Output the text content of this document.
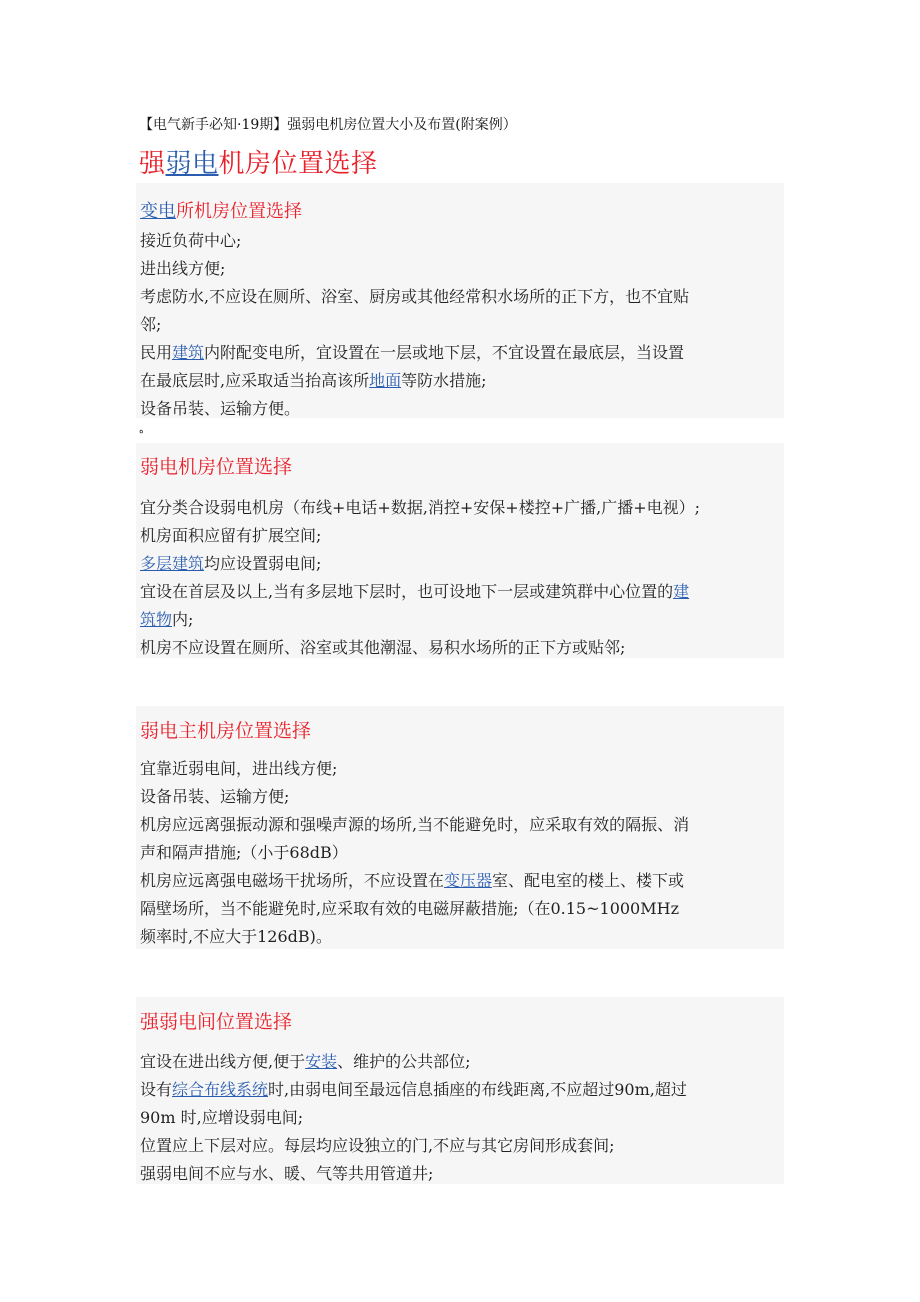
【电气新手必知·19期】强弱电机房位置大小及布置(附案例）
强弱电机房位置选择
变电所机房位置选择
接近负荷中心;
进出线方便;
考虑防水,不应设在厕所、浴室、厨房或其他经常积水场所的正下方，也不宜贴
邻;
民用建筑内附配变电所，宜设置在一层或地下层，不宜设置在最底层，当设置
在最底层时,应采取适当抬高该所地面等防水措施;
设备吊装、运输方便。
ه
弱电机房位置选择
宜分类合设弱电机房（布线+电话+数据,消控+安保+楼控+广播,广播+电视）;
机房面积应留有扩展空间;
多层建筑均应设置弱电间;
宜设在首层及以上,当有多层地下层时，也可设地下一层或建筑群中心位置的建
筑物内;
机房不应设置在厕所、浴室或其他潮湿、易积水场所的正下方或贴邻;
弱电主机房位置选择
宜靠近弱电间，进出线方便;
设备吊装、运输方便;
机房应远离强振动源和强噪声源的场所,当不能避免时，应采取有效的隔振、消
声和隔声措施;（小于68dB）
机房应远离强电磁场干扰场所，不应设置在变压器室、配电室的楼上、楼下或
隔壁场所，当不能避免时,应采取有效的电磁屏蔽措施;（在0.15~1000MHz
频率时,不应大于126dB)。
强弱电间位置选择
宜设在进出线方便,便于安装、维护的公共部位;
设有综合布线系统时,由弱电间至最远信息插座的布线距离,不应超过90m,超过
90m 时,应增设弱电间;
位置应上下层对应。每层均应设独立的门,不应与其它房间形成套间;
强弱电间不应与水、暖、气等共用管道井;
